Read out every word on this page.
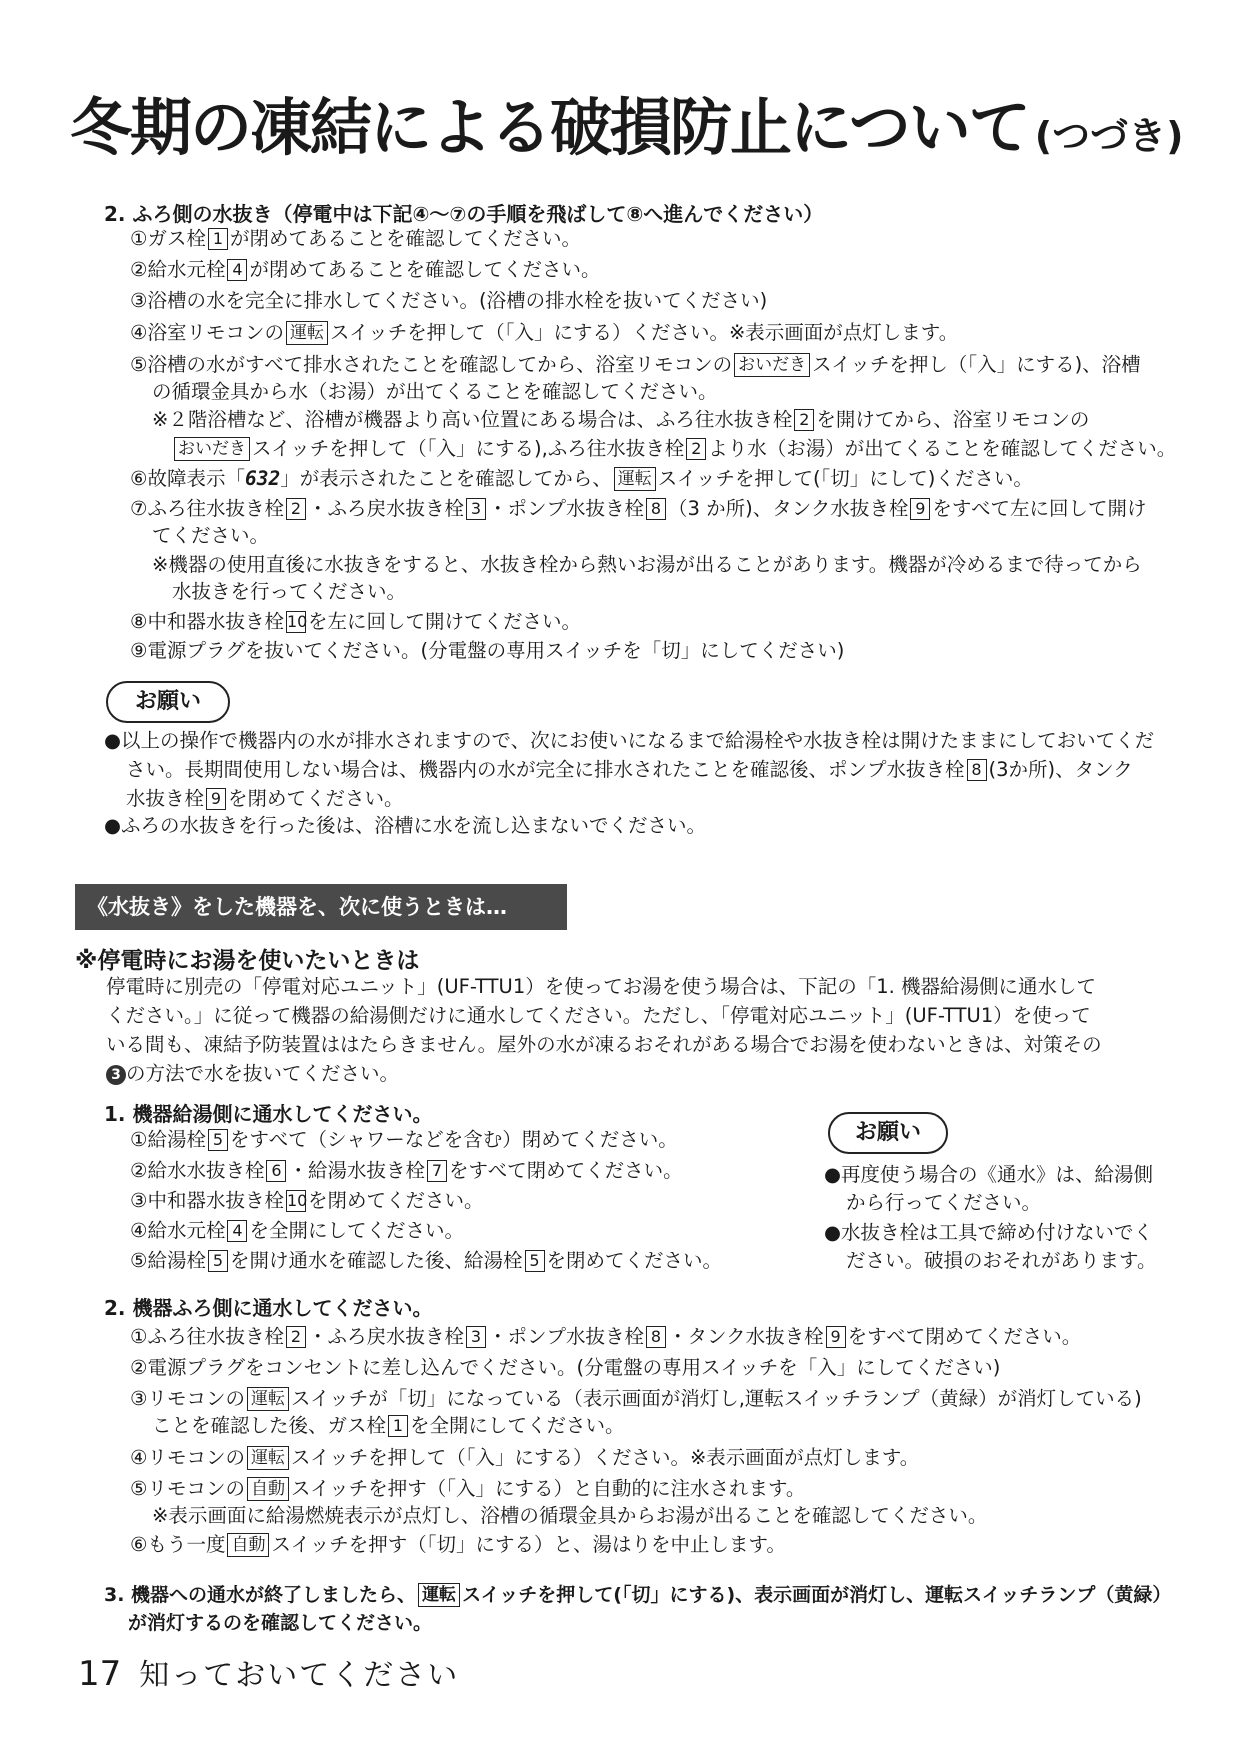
冬期の凍結による破損防止について (つづき)
2. ふろ側の水抜き（停電中は下記④～⑦の手順を飛ばして⑧へ進んでください）
①ガス栓 1 が閉めてあることを確認してください。
②給水元栓 4 が閉めてあることを確認してください。
③浴槽の水を完全に排水してください。(浴槽の排水栓を抜いてください)
④浴室リモコンの 運転 スイッチを押して（「入」にする）ください。※表示画面が点灯します。
⑤浴槽の水がすべて排水されたことを確認してから、浴室リモコンの おいだき スイッチを押し（「入」にする)、浴槽
の循環金具から水（お湯）が出てくることを確認してください。
※２階浴槽など、浴槽が機器より高い位置にある場合は、ふろ往水抜き栓 2 を開けてから、浴室リモコンの
おいだき スイッチを押して（「入」にする),ふろ往水抜き栓 2 より水（お湯）が出てくることを確認してください。
⑥故障表示「632」が表示されたことを確認してから、 運転 スイッチを押して(「切」にして)ください。
⑦ふろ往水抜き栓 2 ・ふろ戻水抜き栓 3 ・ポンプ水抜き栓 8 （3 か所)、タンク水抜き栓 9 をすべて左に回して開け
てください。
※機器の使用直後に水抜きをすると、水抜き栓から熱いお湯が出ることがあります。機器が冷めるまで待ってから
水抜きを行ってください。
⑧中和器水抜き栓 10を左に回して開けてください。
⑨電源プラグを抜いてください。(分電盤の専用スイッチを「切」にしてください)
お願い
●以上の操作で機器内の水が排水されますので、次にお使いになるまで給湯栓や水抜き栓は開けたままにしておいてくだ
さい。長期間使用しない場合は、機器内の水が完全に排水されたことを確認後、ポンプ水抜き栓 8 (3か所)、タンク
水抜き栓 9 を閉めてください。
●ふろの水抜きを行った後は、浴槽に水を流し込まないでください。
《水抜き》をした機器を、次に使うときは…
※停電時にお湯を使いたいときは
停電時に別売の「停電対応ユニット」(UF-TTU1）を使ってお湯を使う場合は、下記の「1. 機器給湯側に通水して
ください。」に従って機器の給湯側だけに通水してください。ただし、「停電対応ユニット」(UF-TTU1）を使って
いる間も、凍結予防装置ははたらきません。屋外の水が凍るおそれがある場合でお湯を使わないときは、対策その
3 の方法で水を抜いてください。
1. 機器給湯側に通水してください。
①給湯栓 5 をすべて（シャワーなどを含む）閉めてください。
②給水水抜き栓 6 ・給湯水抜き栓 7 をすべて閉めてください。
③中和器水抜き栓 10を閉めてください。
④給水元栓 4 を全開にしてください。
⑤給湯栓 5 を開け通水を確認した後、給湯栓 5 を閉めてください。
お願い
●再度使う場合の《通水》は、給湯側
から行ってください。
●水抜き栓は工具で締め付けないでく
ださい。破損のおそれがあります。
2. 機器ふろ側に通水してください。
①ふろ往水抜き栓 2 ・ふろ戻水抜き栓 3 ・ポンプ水抜き栓 8 ・タンク水抜き栓 9 をすべて閉めてください。
②電源プラグをコンセントに差し込んでください。(分電盤の専用スイッチを「入」にしてください)
③リモコンの 運転 スイッチが「切」になっている（表示画面が消灯し,運転スイッチランプ（黄緑）が消灯している)
ことを確認した後、ガス栓 1 を全開にしてください。
④リモコンの 運転 スイッチを押して（「入」にする）ください。※表示画面が点灯します。
⑤リモコンの 自動 スイッチを押す（「入」にする）と自動的に注水されます。
※表示画面に給湯燃焼表示が点灯し、浴槽の循環金具からお湯が出ることを確認してください。
⑥もう一度 自動 スイッチを押す（「切」にする）と、湯はりを中止します。
3. 機器への通水が終了しましたら、 運転 スイッチを押して(「切」にする)、表示画面が消灯し、運転スイッチランプ（黄緑）
が消灯するのを確認してください。
17 知っておいてください
